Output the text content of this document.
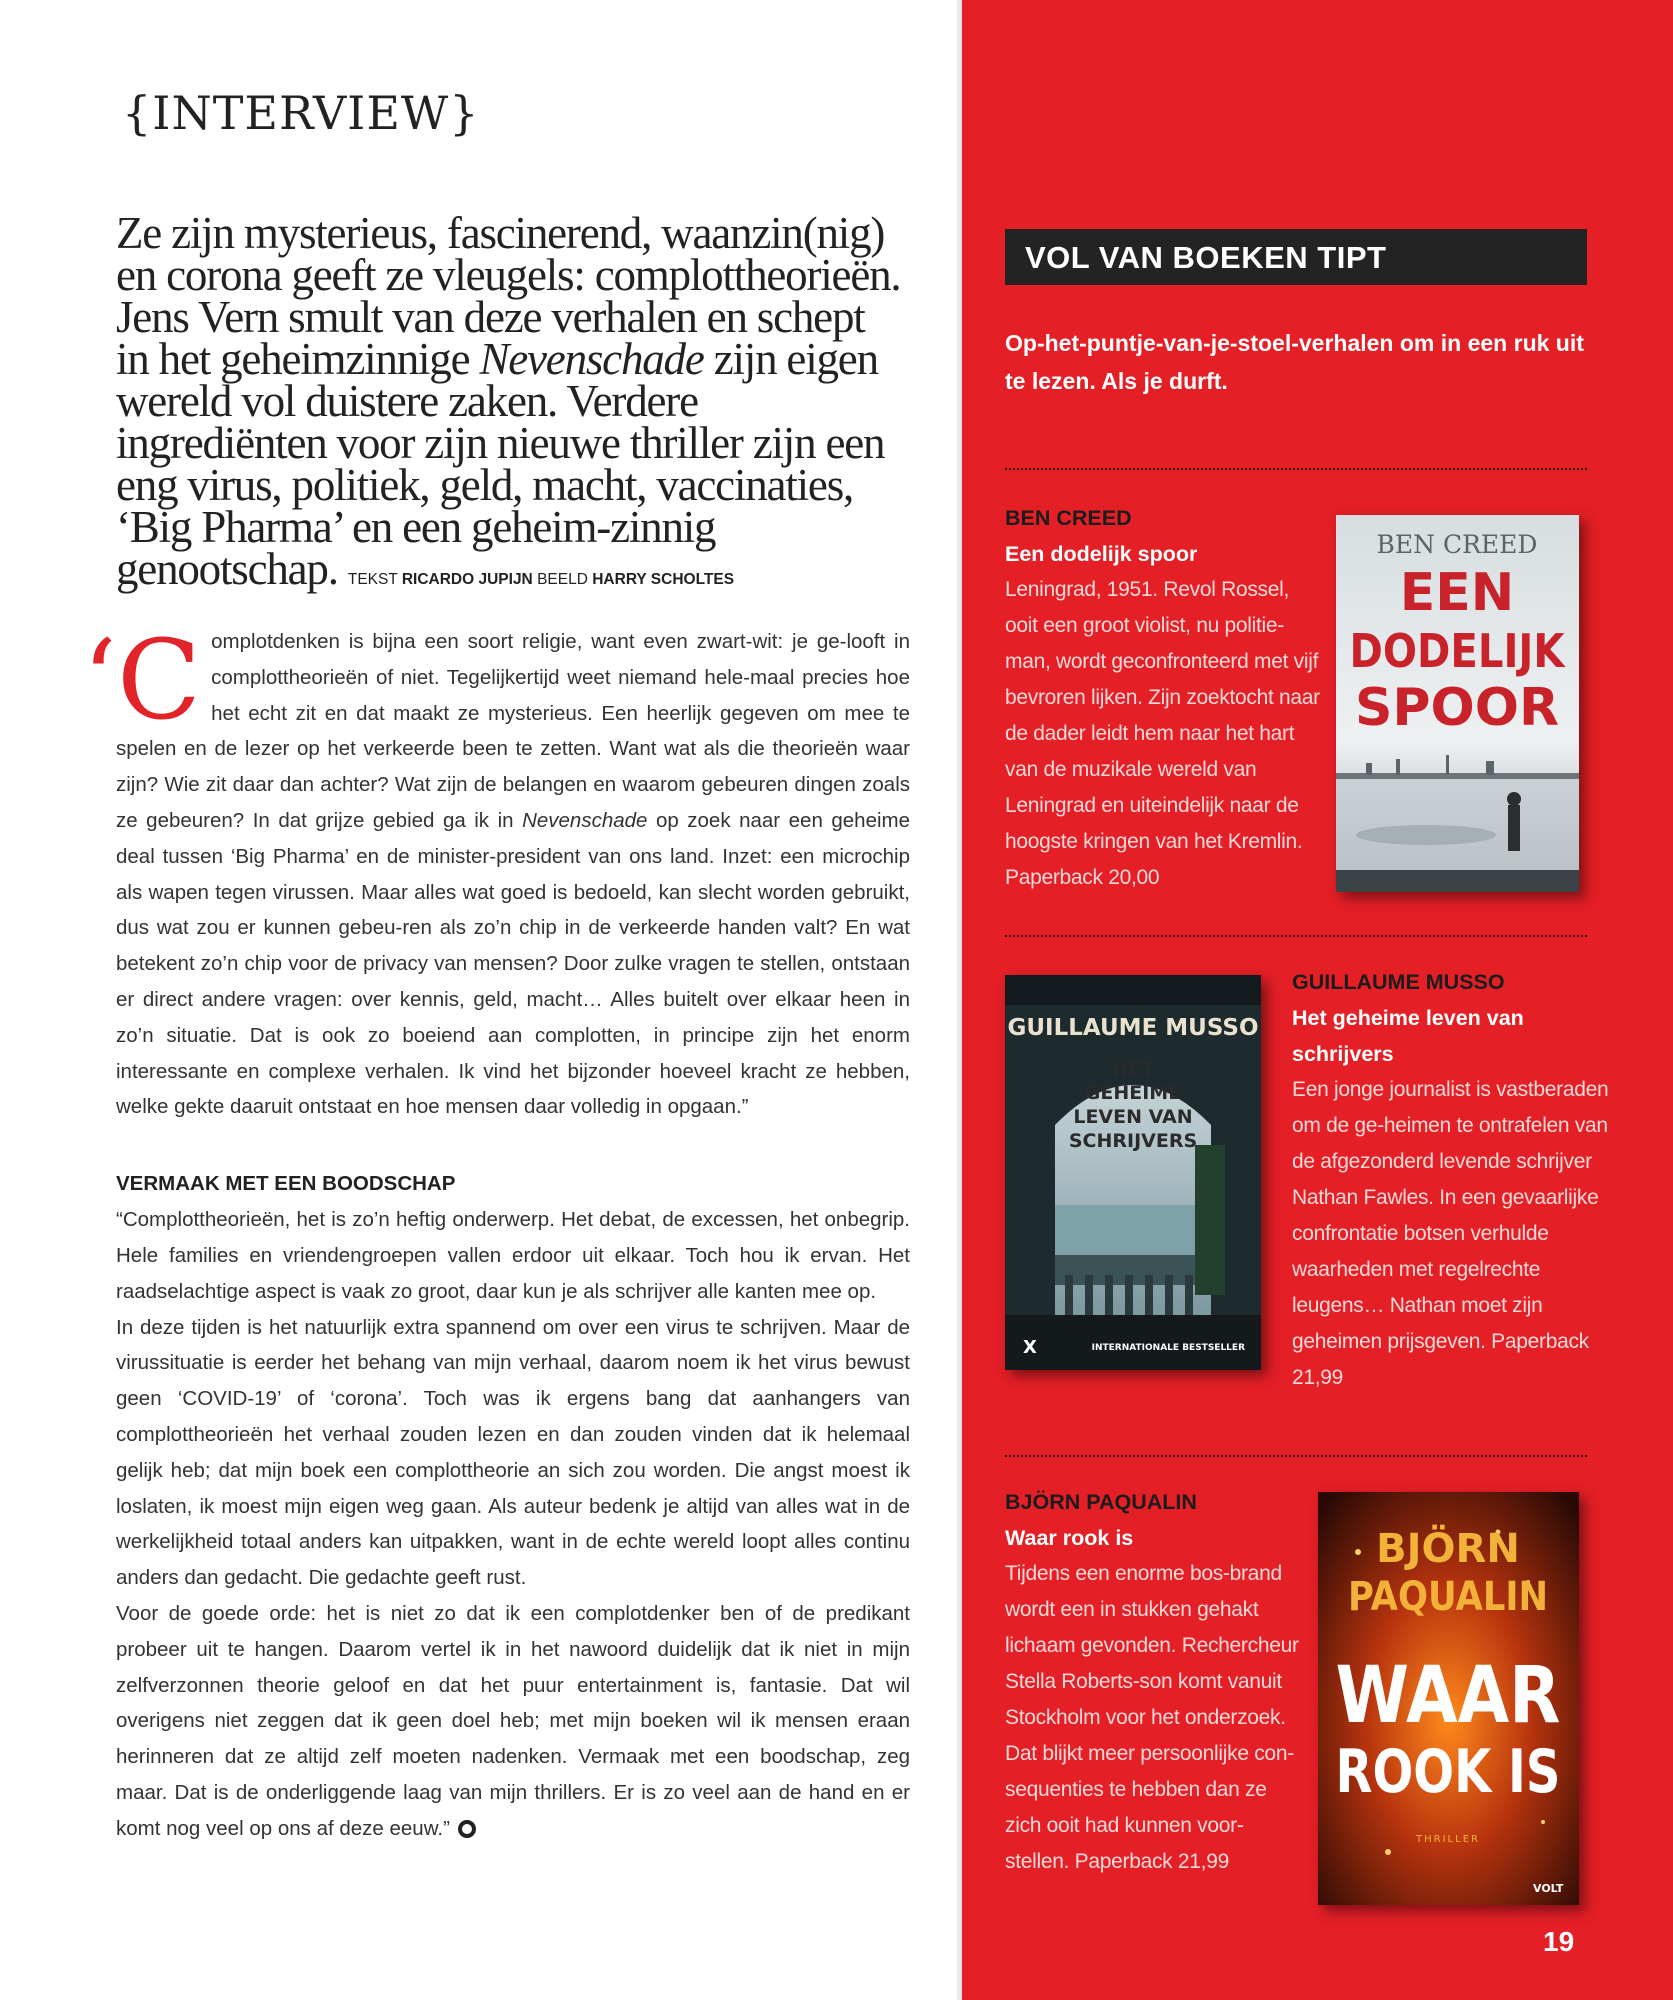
{INTERVIEW}
Ze zijn mysterieus, fascinerend, waanzin(nig) en corona geeft ze vleugels: complottheorieën. Jens Vern smult van deze verhalen en schept in het geheimzinnige Nevenschade zijn eigen wereld vol duistere zaken. Verdere ingrediënten voor zijn nieuwe thriller zijn een eng virus, politiek, geld, macht, vaccinaties, ‘Big Pharma’ en een geheim-zinnig genootschap. TEKST RICARDO JUPIJN BEELD HARRY SCHOLTES

‘Complotdenken is bijna een soort religie, want even zwart-wit: je ge-looft in complottheorieën of niet. Tegelijkertijd weet niemand hele-maal precies hoe het echt zit en dat maakt ze mysterieus. Een heerlijk gegeven om mee te spelen en de lezer op het verkeerde been te zetten. Want wat als die theorieën waar zijn? Wie zit daar dan achter? Wat zijn de belangen en waarom gebeuren dingen zoals ze gebeuren? In dat grijze gebied ga ik in Nevenschade op zoek naar een geheime deal tussen ‘Big Pharma’ en de minister-president van ons land. Inzet: een microchip als wapen tegen virussen. Maar alles wat goed is bedoeld, kan slecht worden gebruikt, dus wat zou er kunnen gebeu-ren als zo’n chip in de verkeerde handen valt? En wat betekent zo’n chip voor de privacy van mensen? Door zulke vragen te stellen, ontstaan er direct andere vragen: over kennis, geld, macht… Alles buitelt over elkaar heen in zo’n situatie. Dat is ook zo boeiend aan complotten, in principe zijn het enorm interessante en complexe verhalen. Ik vind het bijzonder hoeveel kracht ze hebben, welke gekte daaruit ontstaat en hoe mensen daar volledig in opgaan.”

VERMAAK MET EEN BOODSCHAP

“Complottheorieën, het is zo’n heftig onderwerp. Het debat, de excessen, het onbegrip. Hele families en vriendengroepen vallen erdoor uit elkaar. Toch hou ik ervan. Het raadselachtige aspect is vaak zo groot, daar kun je als schrijver alle kanten mee op.

In deze tijden is het natuurlijk extra spannend om over een virus te schrijven. Maar de virussituatie is eerder het behang van mijn verhaal, daarom noem ik het virus bewust geen ‘COVID-19’ of ‘corona’. Toch was ik ergens bang dat aanhangers van complottheorieën het verhaal zouden lezen en dan zouden vinden dat ik helemaal gelijk heb; dat mijn boek een complottheorie an sich zou worden. Die angst moest ik loslaten, ik moest mijn eigen weg gaan. Als auteur bedenk je altijd van alles wat in de werkelijkheid totaal anders kan uitpakken, want in de echte wereld loopt alles continu anders dan gedacht. Die gedachte geeft rust.

Voor de goede orde: het is niet zo dat ik een complotdenker ben of de predikant probeer uit te hangen. Daarom vertel ik in het nawoord duidelijk dat ik niet in mijn zelfverzonnen theorie geloof en dat het puur entertainment is, fantasie. Dat wil overigens niet zeggen dat ik geen doel heb; met mijn boeken wil ik mensen eraan herinneren dat ze altijd zelf moeten nadenken. Vermaak met een boodschap, zeg maar. Dat is de onderliggende laag van mijn thrillers. Er is zo veel aan de hand en er komt nog veel op ons af deze eeuw.”

VOL VAN BOEKEN TIPT
Op-het-puntje-van-je-stoel-verhalen om in een ruk uit te lezen. Als je durft.
BEN CREED
Een dodelijk spoor
Leningrad, 1951. Revol Rossel, ooit een groot violist, nu politie-man, wordt geconfronteerd met vijf bevroren lijken. Zijn zoektocht naar de dader leidt hem naar het hart van de muzikale wereld van Leningrad en uiteindelijk naar de hoogste kringen van het Kremlin. Paperback 20,00
BEN CREED
EEN
DODELIJK
SPOOR
GUILLAUME MUSSO
HET
GEHEIME
LEVEN VAN
SCHRIJVERS
X	INTERNATIONALE BESTSELLER
GUILLAUME MUSSO
Het geheime leven van schrijvers
Een jonge journalist is vastberaden om de ge-heimen te ontrafelen van de afgezonderd levende schrijver Nathan Fawles. In een gevaarlijke confrontatie botsen verhulde waarheden met regelrechte leugens… Nathan moet zijn geheimen prijsgeven. Paperback 21,99
BJÖRN PAQUALIN
Waar rook is
Tijdens een enorme bos-brand wordt een in stukken gehakt lichaam gevonden. Rechercheur Stella Roberts-son komt vanuit Stockholm voor het onderzoek. Dat blijkt meer persoonlijke con-sequenties te hebben dan ze zich ooit had kunnen voor-stellen. Paperback 21,99
BJÖRN
PAQUALIN
WAAR
ROOK IS
THRILLER
VOLT
19
